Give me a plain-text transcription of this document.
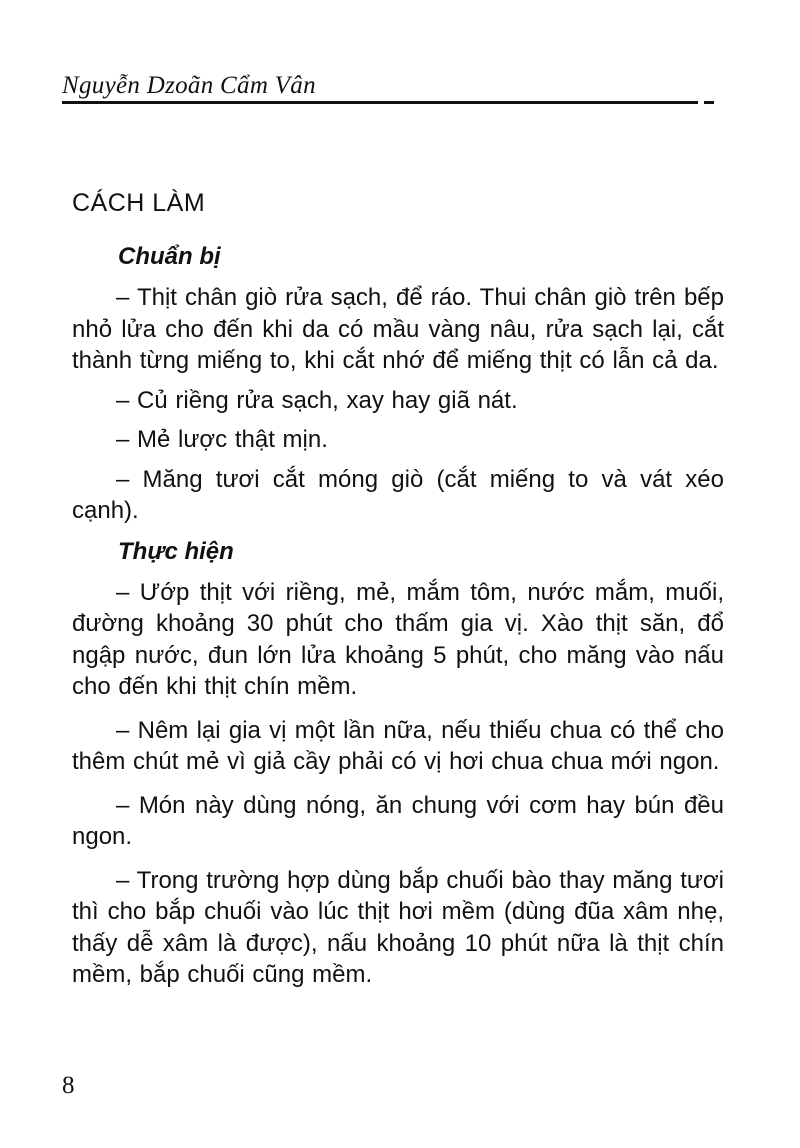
Nguyễn Dzoãn Cẩm Vân
CÁCH LÀM
Chuẩn bị

– Thịt chân giò rửa sạch, để ráo. Thui chân giò trên bếp nhỏ lửa cho đến khi da có mầu vàng nâu, rửa sạch lại, cắt thành từng miếng to, khi cắt nhớ để miếng thịt có lẫn cả da.

– Củ riềng rửa sạch, xay hay giã nát.

– Mẻ lược thật mịn.

– Măng tươi cắt móng giò (cắt miếng to và vát xéo cạnh).

Thực hiện

– Ướp thịt với riềng, mẻ, mắm tôm, nước mắm, muối, đường khoảng 30 phút cho thấm gia vị. Xào thịt săn, đổ ngập nước, đun lớn lửa khoảng 5 phút, cho măng vào nấu cho đến khi thịt chín mềm.

– Nêm lại gia vị một lần nữa, nếu thiếu chua có thể cho thêm chút mẻ vì giả cầy phải có vị hơi chua chua mới ngon.

– Món này dùng nóng, ăn chung với cơm hay bún đều ngon.

– Trong trường hợp dùng bắp chuối bào thay măng tươi thì cho bắp chuối vào lúc thịt hơi mềm (dùng đũa xâm nhẹ, thấy dễ xâm là được), nấu khoảng 10 phút nữa là thịt chín mềm, bắp chuối cũng mềm.

8
